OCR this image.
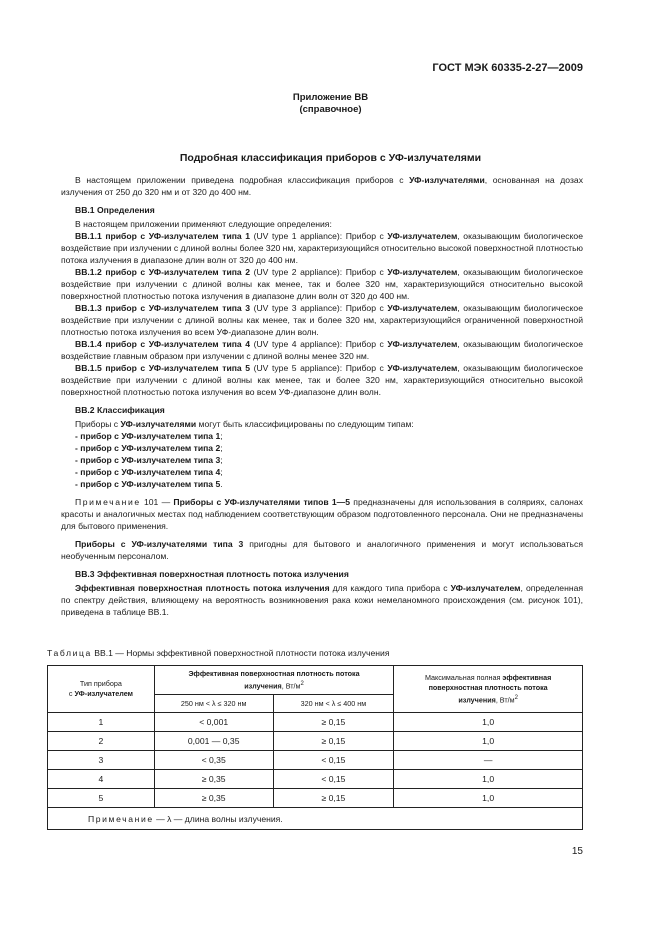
ГОСТ МЭК 60335-2-27—2009
Приложение ВВ
(справочное)
Подробная классификация приборов с УФ-излучателями

В настоящем приложении приведена подробная классификация приборов с УФ-излучателями, основанная на дозах излучения от 250 до 320 нм и от 320 до 400 нм.

ВВ.1 Определения

В настоящем приложении применяют следующие определения:

ВВ.1.1 прибор с УФ-излучателем типа 1 (UV type 1 appliance): Прибор с УФ-излучателем, оказывающим биологическое воздействие при излучении с длиной волны более 320 нм, характеризующийся относительно высокой поверхностной плотностью потока излучения в диапазоне длин волн от 320 до 400 нм.

ВВ.1.2 прибор с УФ-излучателем типа 2 (UV type 2 appliance): Прибор с УФ-излучателем, оказывающим биологическое воздействие при излучении с длиной волны как менее, так и более 320 нм, характеризующийся относительно высокой поверхностной плотностью потока излучения в диапазоне длин волн от 320 до 400 нм.

ВВ.1.3 прибор с УФ-излучателем типа 3 (UV type 3 appliance): Прибор с УФ-излучателем, оказывающим биологическое воздействие при излучении с длиной волны как менее, так и более 320 нм, характеризующийся ограниченной поверхностной плотностью потока излучения во всем УФ-диапазоне длин волн.

ВВ.1.4 прибор с УФ-излучателем типа 4 (UV type 4 appliance): Прибор с УФ-излучателем, оказывающим биологическое воздействие главным образом при излучении с длиной волны менее 320 нм.

ВВ.1.5 прибор с УФ-излучателем типа 5 (UV type 5 appliance): Прибор с УФ-излучателем, оказывающим биологическое воздействие при излучении с длиной волны как менее, так и более 320 нм, характеризующийся относительно высокой поверхностной плотностью потока излучения во всем УФ-диапазоне длин волн.

ВВ.2 Классификация

Приборы с УФ-излучателями могут быть классифицированы по следующим типам:

- прибор с УФ-излучателем типа 1;
- прибор с УФ-излучателем типа 2;
- прибор с УФ-излучателем типа 3;
- прибор с УФ-излучателем типа 4;
- прибор с УФ-излучателем типа 5.

Примечание 101 — Приборы с УФ-излучателями типов 1—5 предназначены для использования в соляриях, салонах красоты и аналогичных местах под наблюдением соответствующим образом подготовленного персонала. Они не предназначены для бытового применения.

Приборы с УФ-излучателями типа 3 пригодны для бытового и аналогичного применения и могут использоваться необученным персоналом.

ВВ.3 Эффективная поверхностная плотность потока излучения

Эффективная поверхностная плотность потока излучения для каждого типа прибора с УФ-излучателем, определенная по спектру действия, влияющему на вероятность возникновения рака кожи немеланомного происхождения (см. рисунок 101), приведена в таблице ВВ.1.

Таблица ВВ.1 — Нормы эффективной поверхностной плотности потока излучения
Тип прибора
с УФ-излучателем	Эффективная поверхностная плотность потока
излучения, $Вт/м^2$		Максимальная полная эффективная поверхностная плотность потока излучения, $Вт/м^2$
	250 нм < λ ≤ 320 нм	320 нм < λ ≤ 400 нм	
1	< 0,001	≥ 0,15	1,0
2	0,001 — 0,35	≥ 0,15	1,0
3	< 0,35	< 0,15	—
4	≥ 0,35	< 0,15	1,0
5	≥ 0,35	≥ 0,15	1,0
Примечание — λ — длина волны излучения.			
15
